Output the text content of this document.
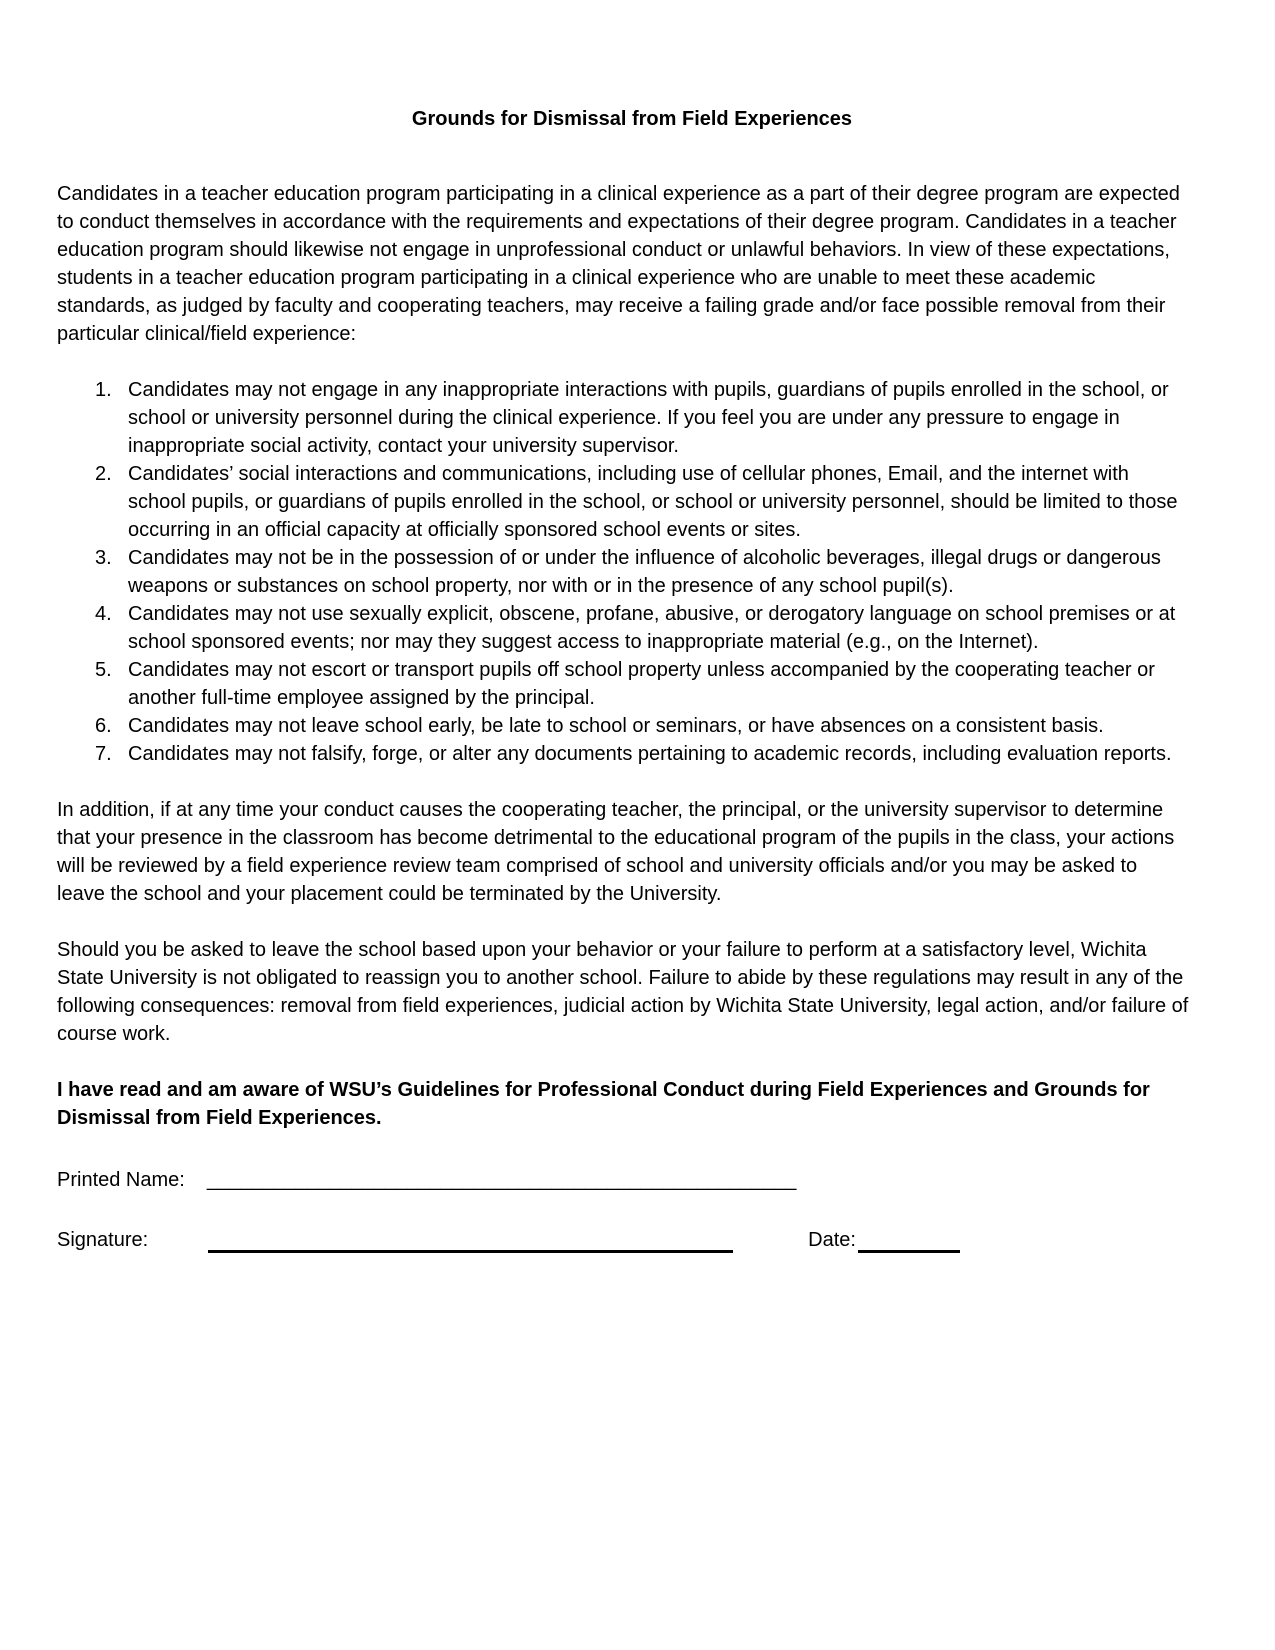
Grounds for Dismissal from Field Experiences
Candidates in a teacher education program participating in a clinical experience as a part of their degree program are expected
to conduct themselves in accordance with the requirements and expectations of their degree program. Candidates in a teacher
education program should likewise not engage in unprofessional conduct or unlawful behaviors. In view of these expectations,
students in a teacher education program participating in a clinical experience who are unable to meet these academic
standards, as judged by faculty and cooperating teachers, may receive a failing grade and/or face possible removal from their
particular clinical/field experience:
1. Candidates may not engage in any inappropriate interactions with pupils, guardians of pupils enrolled in the school, or
school or university personnel during the clinical experience. If you feel you are under any pressure to engage in
inappropriate social activity, contact your university supervisor.
2. Candidates’ social interactions and communications, including use of cellular phones, Email, and the internet with
school pupils, or guardians of pupils enrolled in the school, or school or university personnel, should be limited to those
occurring in an official capacity at officially sponsored school events or sites.
3. Candidates may not be in the possession of or under the influence of alcoholic beverages, illegal drugs or dangerous
weapons or substances on school property, nor with or in the presence of any school pupil(s).
4. Candidates may not use sexually explicit, obscene, profane, abusive, or derogatory language on school premises or at
school sponsored events; nor may they suggest access to inappropriate material (e.g., on the Internet).
5. Candidates may not escort or transport pupils off school property unless accompanied by the cooperating teacher or
another full-time employee assigned by the principal.
6. Candidates may not leave school early, be late to school or seminars, or have absences on a consistent basis.
7. Candidates may not falsify, forge, or alter any documents pertaining to academic records, including evaluation reports.
In addition, if at any time your conduct causes the cooperating teacher, the principal, or the university supervisor to determine
that your presence in the classroom has become detrimental to the educational program of the pupils in the class, your actions
will be reviewed by a field experience review team comprised of school and university officials and/or you may be asked to
leave the school and your placement could be terminated by the University.
Should you be asked to leave the school based upon your behavior or your failure to perform at a satisfactory level, Wichita
State University is not obligated to reassign you to another school. Failure to abide by these regulations may result in any of the
following consequences: removal from field experiences, judicial action by Wichita State University, legal action, and/or failure of
course work.
I have read and am aware of WSU’s Guidelines for Professional Conduct during Field Experiences and Grounds for
Dismissal from Field Experiences.
Printed Name: _____________________________________________________
Signature:	Date:
